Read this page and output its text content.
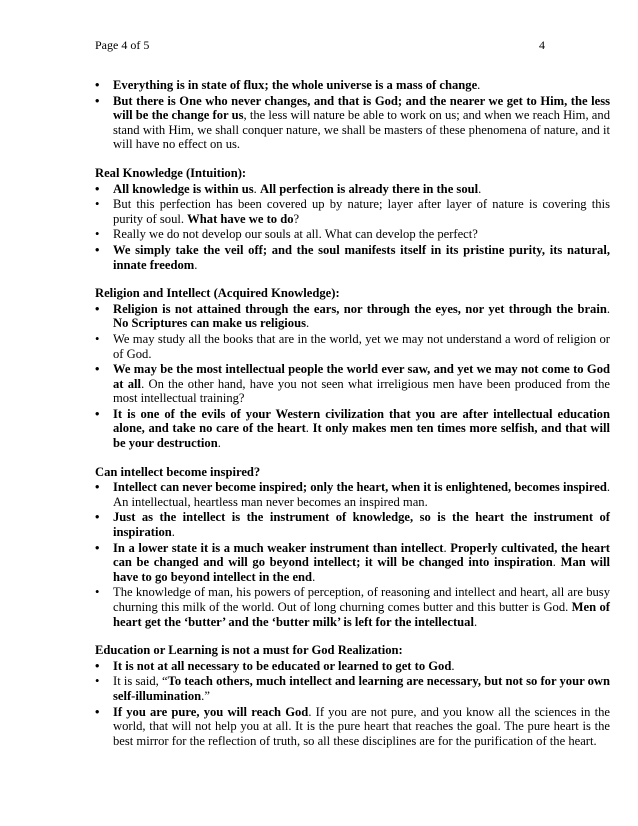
Page 4 of 5	4
• Everything is in state of flux; the whole universe is a mass of change.
• But there is One who never changes, and that is God; and the nearer we get to Him, the less will be the change for us, the less will nature be able to work on us; and when we reach Him, and stand with Him, we shall conquer nature, we shall be masters of these phenomena of nature, and it will have no effect on us.
Real Knowledge (Intuition):
• All knowledge is within us. All perfection is already there in the soul.
• But this perfection has been covered up by nature; layer after layer of nature is covering this purity of soul. What have we to do?
• Really we do not develop our souls at all. What can develop the perfect?
• We simply take the veil off; and the soul manifests itself in its pristine purity, its natural, innate freedom.
Religion and Intellect (Acquired Knowledge):
• Religion is not attained through the ears, nor through the eyes, nor yet through the brain. No Scriptures can make us religious.
• We may study all the books that are in the world, yet we may not understand a word of religion or of God.
• We may be the most intellectual people the world ever saw, and yet we may not come to God at all. On the other hand, have you not seen what irreligious men have been produced from the most intellectual training?
• It is one of the evils of your Western civilization that you are after intellectual education alone, and take no care of the heart. It only makes men ten times more selfish, and that will be your destruction.
Can intellect become inspired?
• Intellect can never become inspired; only the heart, when it is enlightened, becomes inspired. An intellectual, heartless man never becomes an inspired man.
• Just as the intellect is the instrument of knowledge, so is the heart the instrument of inspiration.
• In a lower state it is a much weaker instrument than intellect. Properly cultivated, the heart can be changed and will go beyond intellect; it will be changed into inspiration. Man will have to go beyond intellect in the end.
• The knowledge of man, his powers of perception, of reasoning and intellect and heart, all are busy churning this milk of the world. Out of long churning comes butter and this butter is God. Men of heart get the ‘butter’ and the ‘butter milk’ is left for the intellectual.
Education or Learning is not a must for God Realization:
• It is not at all necessary to be educated or learned to get to God.
• It is said, “To teach others, much intellect and learning are necessary, but not so for your own self-illumination.”
• If you are pure, you will reach God. If you are not pure, and you know all the sciences in the world, that will not help you at all. It is the pure heart that reaches the goal. The pure heart is the best mirror for the reflection of truth, so all these disciplines are for the purification of the heart.
